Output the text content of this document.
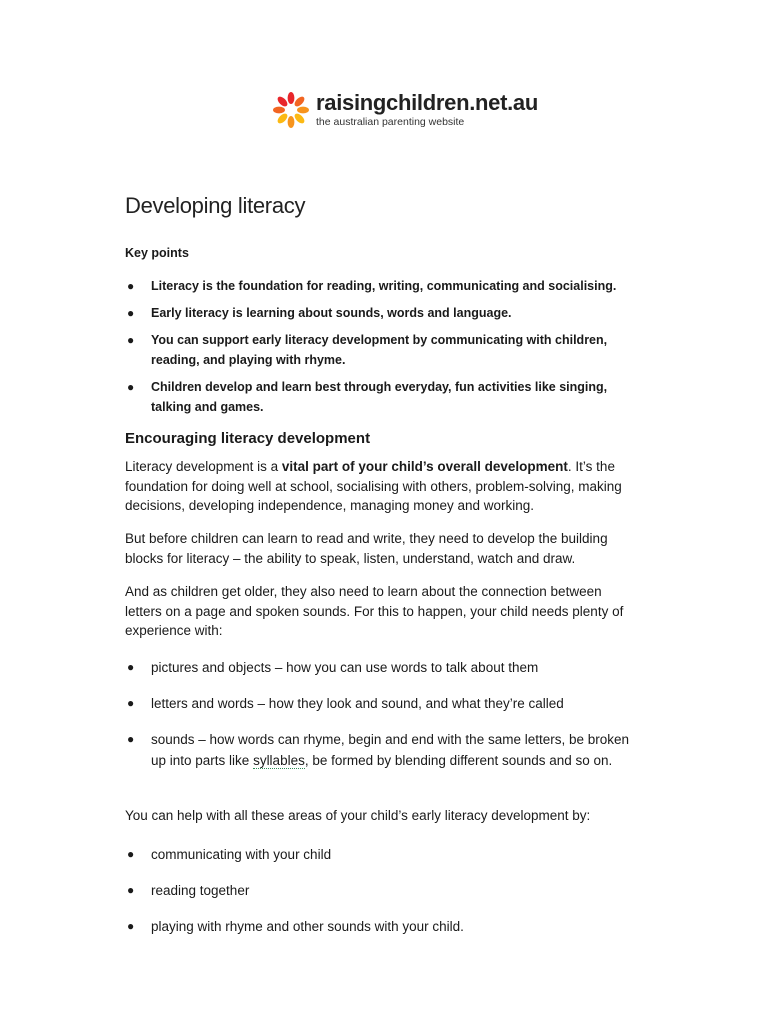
raisingchildren.net.au
the australian parenting website
Developing literacy

Key points

● Literacy is the foundation for reading, writing, communicating and socialising.
● Early literacy is learning about sounds, words and language.
● You can support early literacy development by communicating with children, reading, and playing with rhyme.
● Children develop and learn best through everyday, fun activities like singing, talking and games.
Encouraging literacy development

Literacy development is a vital part of your child’s overall development. It’s the foundation for doing well at school, socialising with others, problem-solving, making decisions, developing independence, managing money and working.

But before children can learn to read and write, they need to develop the building blocks for literacy – the ability to speak, listen, understand, watch and draw.

And as children get older, they also need to learn about the connection between letters on a page and spoken sounds. For this to happen, your child needs plenty of experience with:

● pictures and objects – how you can use words to talk about them
● letters and words – how they look and sound, and what they’re called
● sounds – how words can rhyme, begin and end with the same letters, be broken up into parts like syllables, be formed by blending different sounds and so on.

You can help with all these areas of your child’s early literacy development by:

● communicating with your child
● reading together
● playing with rhyme and other sounds with your child.
